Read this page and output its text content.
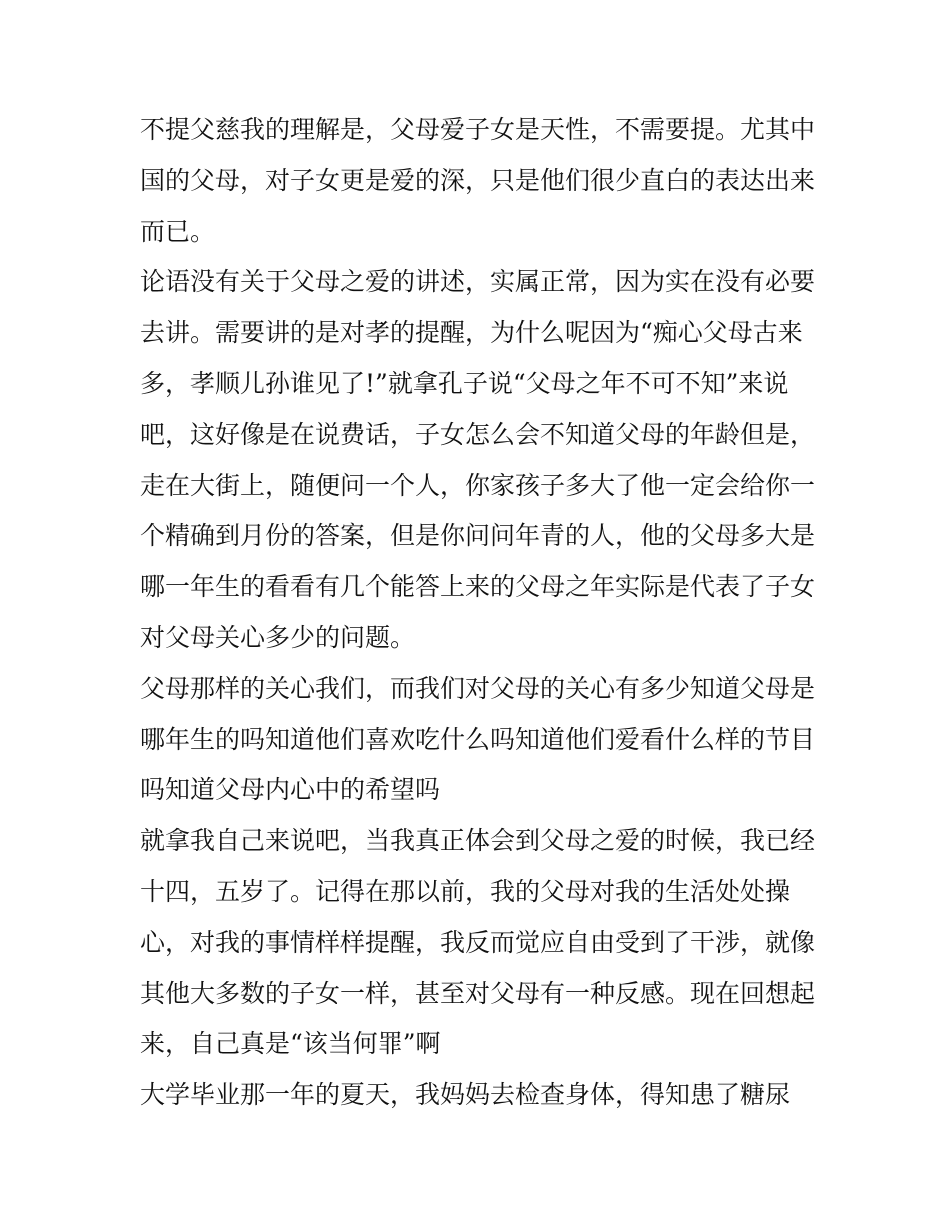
不提父慈我的理解是，父母爱子女是天性，不需要提。尤其中
国的父母，对子女更是爱的深，只是他们很少直白的表达出来
而已。
论语没有关于父母之爱的讲述，实属正常，因为实在没有必要
去讲。需要讲的是对孝的提醒，为什么呢因为“痴心父母古来
多，孝顺儿孙谁见了!”就拿孔子说“父母之年不可不知”来说
吧，这好像是在说费话，子女怎么会不知道父母的年龄但是，
走在大街上，随便问一个人，你家孩子多大了他一定会给你一
个精确到月份的答案，但是你问问年青的人，他的父母多大是
哪一年生的看看有几个能答上来的父母之年实际是代表了子女
对父母关心多少的问题。
父母那样的关心我们，而我们对父母的关心有多少知道父母是
哪年生的吗知道他们喜欢吃什么吗知道他们爱看什么样的节目
吗知道父母内心中的希望吗
就拿我自己来说吧，当我真正体会到父母之爱的时候，我已经
十四，五岁了。记得在那以前，我的父母对我的生活处处操
心，对我的事情样样提醒，我反而觉应自由受到了干涉，就像
其他大多数的子女一样，甚至对父母有一种反感。现在回想起
来，自己真是“该当何罪”啊
大学毕业那一年的夏天，我妈妈去检查身体，得知患了糖尿
